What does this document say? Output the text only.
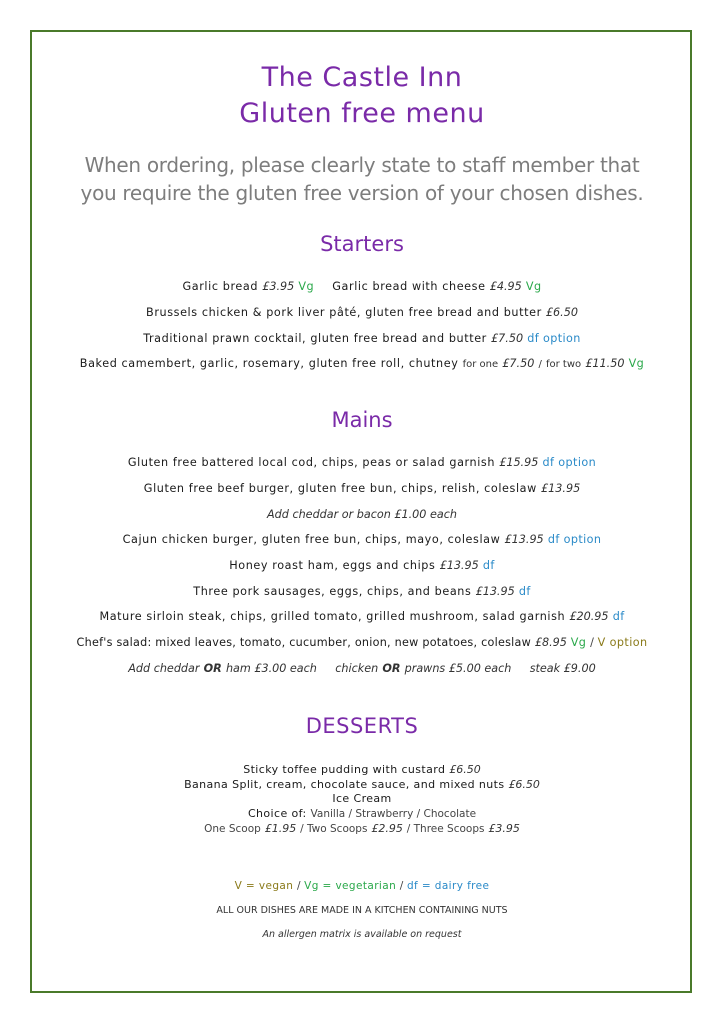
The Castle Inn
Gluten free menu
When ordering, please clearly state to staff member that
you require the gluten free version of your chosen dishes.
Starters
Garlic bread £3.95 Vg Garlic bread with cheese £4.95 Vg
Brussels chicken & pork liver pâté, gluten free bread and butter £6.50
Traditional prawn cocktail, gluten free bread and butter £7.50 df option
Baked camembert, garlic, rosemary, gluten free roll, chutney for one £7.50 / for two £11.50 Vg
Mains
Gluten free battered local cod, chips, peas or salad garnish £15.95 df option
Gluten free beef burger, gluten free bun, chips, relish, coleslaw £13.95
Add cheddar or bacon £1.00 each
Cajun chicken burger, gluten free bun, chips, mayo, coleslaw £13.95 df option
Honey roast ham, eggs and chips £13.95 df
Three pork sausages, eggs, chips, and beans £13.95 df
Mature sirloin steak, chips, grilled tomato, grilled mushroom, salad garnish £20.95 df
Chef's salad: mixed leaves, tomato, cucumber, onion, new potatoes, coleslaw £8.95 Vg / V option
Add cheddar OR ham £3.00 each chicken OR prawns £5.00 each steak £9.00
DESSERTS
Sticky toffee pudding with custard £6.50
Banana Split, cream, chocolate sauce, and mixed nuts £6.50
Ice Cream
Choice of: Vanilla / Strawberry / Chocolate
One Scoop £1.95 / Two Scoops £2.95 / Three Scoops £3.95
V = vegan / Vg = vegetarian / df = dairy free
ALL OUR DISHES ARE MADE IN A KITCHEN CONTAINING NUTS
An allergen matrix is available on request
